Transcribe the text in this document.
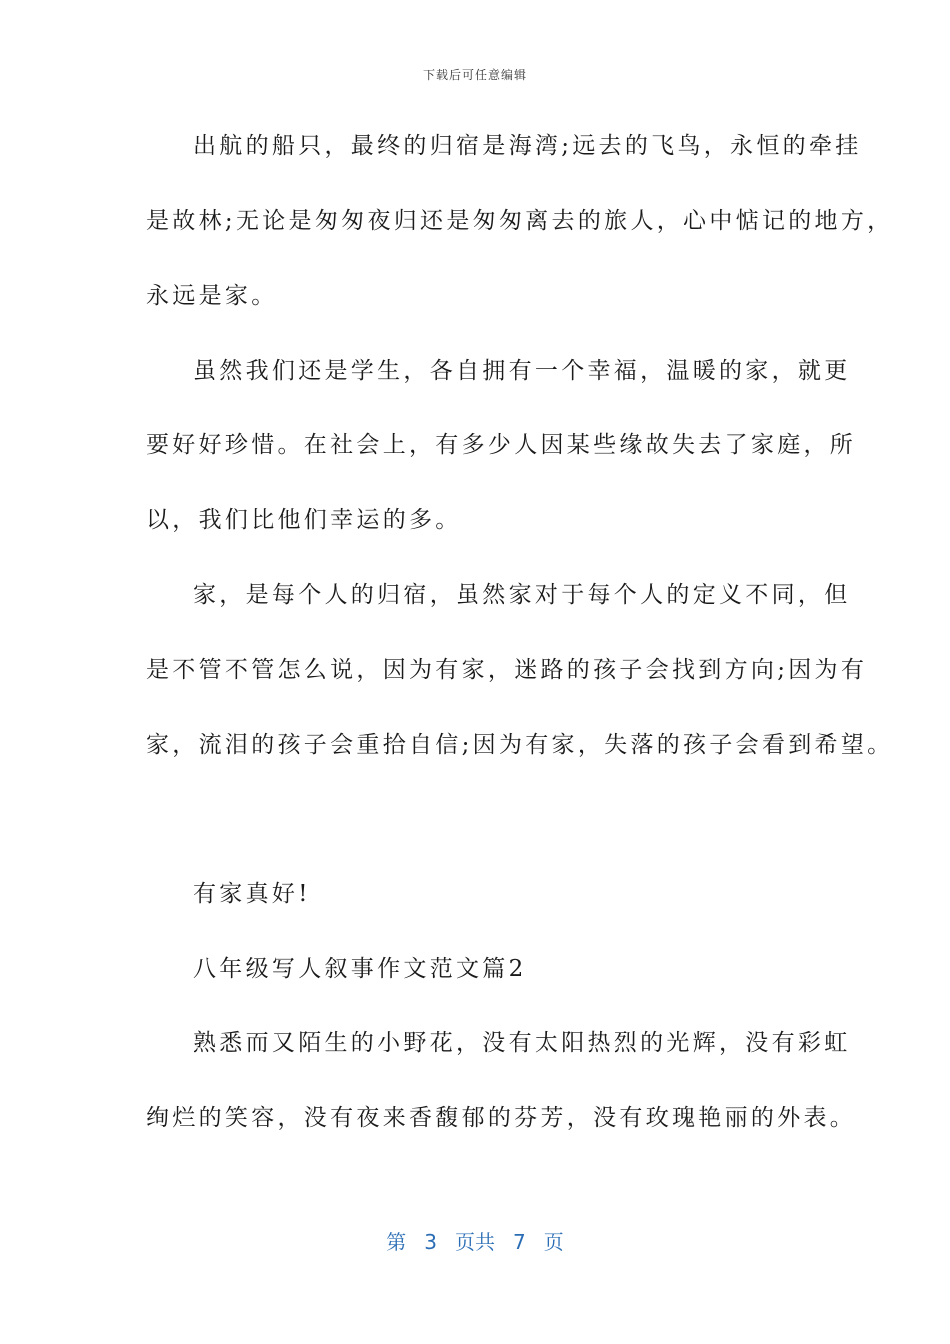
下载后可任意编辑
出航的船只，最终的归宿是海湾;远去的飞鸟，永恒的牵挂
是故林;无论是匆匆夜归还是匆匆离去的旅人，心中惦记的地方，
永远是家。
虽然我们还是学生，各自拥有一个幸福，温暖的家，就更
要好好珍惜。在社会上，有多少人因某些缘故失去了家庭，所
以，我们比他们幸运的多。
家，是每个人的归宿，虽然家对于每个人的定义不同，但
是不管不管怎么说，因为有家，迷路的孩子会找到方向;因为有
家，流泪的孩子会重拾自信;因为有家，失落的孩子会看到希望。
有家真好!
八年级写人叙事作文范文篇2
熟悉而又陌生的小野花，没有太阳热烈的光辉，没有彩虹
绚烂的笑容，没有夜来香馥郁的芬芳，没有玫瑰艳丽的外表。
第 3 页共 7 页
